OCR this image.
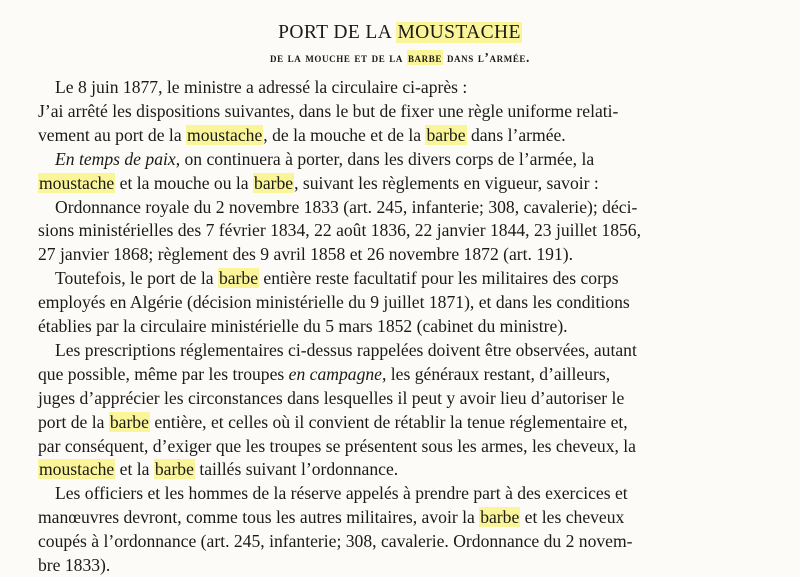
PORT DE LA MOUSTACHE
de la mouche et de la barbe dans l’armée.
Le 8 juin 1877, le ministre a adressé la circulaire ci-après :
J’ai arrêté les dispositions suivantes, dans le but de fixer une règle uniforme relati-
vement au port de la moustache, de la mouche et de la barbe dans l’armée.
En temps de paix, on continuera à porter, dans les divers corps de l’armée, la
moustache et la mouche ou la barbe, suivant les règlements en vigueur, savoir :
Ordonnance royale du 2 novembre 1833 (art. 245, infanterie; 308, cavalerie); déci-
sions ministérielles des 7 février 1834, 22 août 1836, 22 janvier 1844, 23 juillet 1856,
27 janvier 1868; règlement des 9 avril 1858 et 26 novembre 1872 (art. 191).
Toutefois, le port de la barbe entière reste facultatif pour les militaires des corps
employés en Algérie (décision ministérielle du 9 juillet 1871), et dans les conditions
établies par la circulaire ministérielle du 5 mars 1852 (cabinet du ministre).
Les prescriptions réglementaires ci-dessus rappelées doivent être observées, autant
que possible, même par les troupes en campagne, les généraux restant, d’ailleurs,
juges d’apprécier les circonstances dans lesquelles il peut y avoir lieu d’autoriser le
port de la barbe entière, et celles où il convient de rétablir la tenue réglementaire et,
par conséquent, d’exiger que les troupes se présentent sous les armes, les cheveux, la
moustache et la barbe taillés suivant l’ordonnance.
Les officiers et les hommes de la réserve appelés à prendre part à des exercices et
manœuvres devront, comme tous les autres militaires, avoir la barbe et les cheveux
coupés à l’ordonnance (art. 245, infanterie; 308, cavalerie. Ordonnance du 2 novem-
bre 1833).
